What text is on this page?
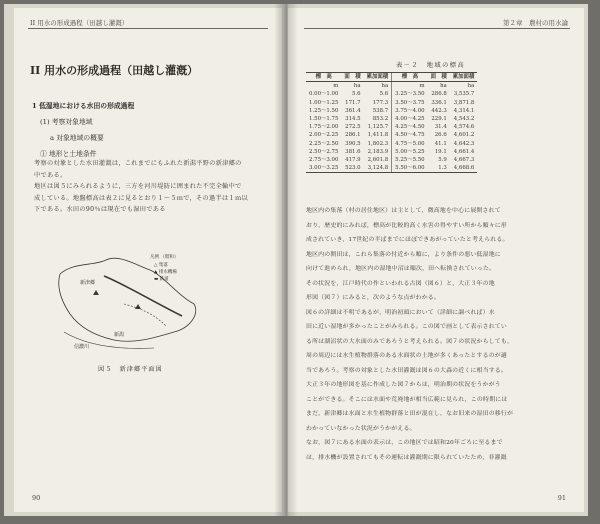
II 用水の形成過程（田越し灌漑）
II 用水の形成過程（田越し灌漑）
1 低湿地における水田の形成過程
(1) 考察対象地域
a 対象地域の概要
① 地形と土地条件
考察の対象とした水田灌漑は，これまでにもふれた新潟平野の新津郷の
中である。
地区は図５にみられるように，三方を河川堤防に囲まれた不完全輪中で
成している。地盤標高は表２に見るとおり１～５ｍで，その過半は１ｍ以
下である。水田の90％は現在でも湿田である
新津郷
新潟
信濃川
凡例 （昭和）
△ 集落
▲ 排水機場
▬ 鉄道
図５　新津郷平面図
90
第２章　農村の用水論
表－２　地域の標高
標　高	面　積	累加面積	標　高	面　積	累加面積
m	ha	ha	m	ha	ha
0.00～1.00	5.6	5.6	3.25～3.50	286.8	3,535.7
1.00～1.25	171.7	177.3	3.50～3.75	336.1	3,871.8
1.25～1.50	361.4	538.7	3.75～4.00	442.3	4,314.1
1.50～1.75	314.5	853.2	4.00～4.25	229.1	4,543.2
1.75～2.00	272.5	1,125.7	4.25～4.50	31.4	4,574.6
2.00～2.25	286.1	1,411.8	4.50～4.75	26.6	4,601.2
2.25～2.50	390.5	1,802.3	4.75～5.00	41.1	4,642.3
2.50～2.75	381.6	2,183.9	5.00～5.25	19.1	4,661.4
2.75～3.00	417.9	2,601.8	5.25～5.50	5.9	4,667.3
3.00～3.25	523.0	3,124.8	5.50～6.00	1.3	4,668.6
地区内の集落（村の居住地区）は主として，微高地を中心に展開されて
おり，歴史的にみれば，標高が比較的高く水害の得やすい所から順々に形
成されていき，17世紀の半ばまでにほぼできあがっていたと考えられる。
地区内の開田は，これら集落の付近から順に，より条件の悪い低湿地に
向けて進められ，地区内の湿地中沼は順次，田へ転換されていった。
その状況を，江戸時代の作といわれる古図（図６）と，大正３年の地
形図（図７）にみると，次のような点がわかる。
図６の詳細は不明であるが，明治初頭において（詳細に調べれば）水
田に近い湿地が多かったことがみられる。この図で画として表示されてい
る所は湖沼状の大水面のみであろうと考えられる。図７の状況からしても，
周の周辺には水生植物群落のある水面状の土地が多くあったとするのが適
当であろう。考察の対象とした水田灌漑は図６の大森の近くに相当する。
大正３年の地形図を基に作成した図７からは，明治期の状況をうかがう
ことができる。そこには水面や荒廃地が相当広範に見られ，この時期には
まだ，新津郷は水面と水生植物群落と田が混在し，なお旧来の湿田の移行が
わかっていなかった状況がうかがえる。
なお，図７にある水面の表示は，この地区では昭和20年ごろに至るまで
は，排水機が設置されてもその運転は灌漑期に限られていたため，非灌漑
91
